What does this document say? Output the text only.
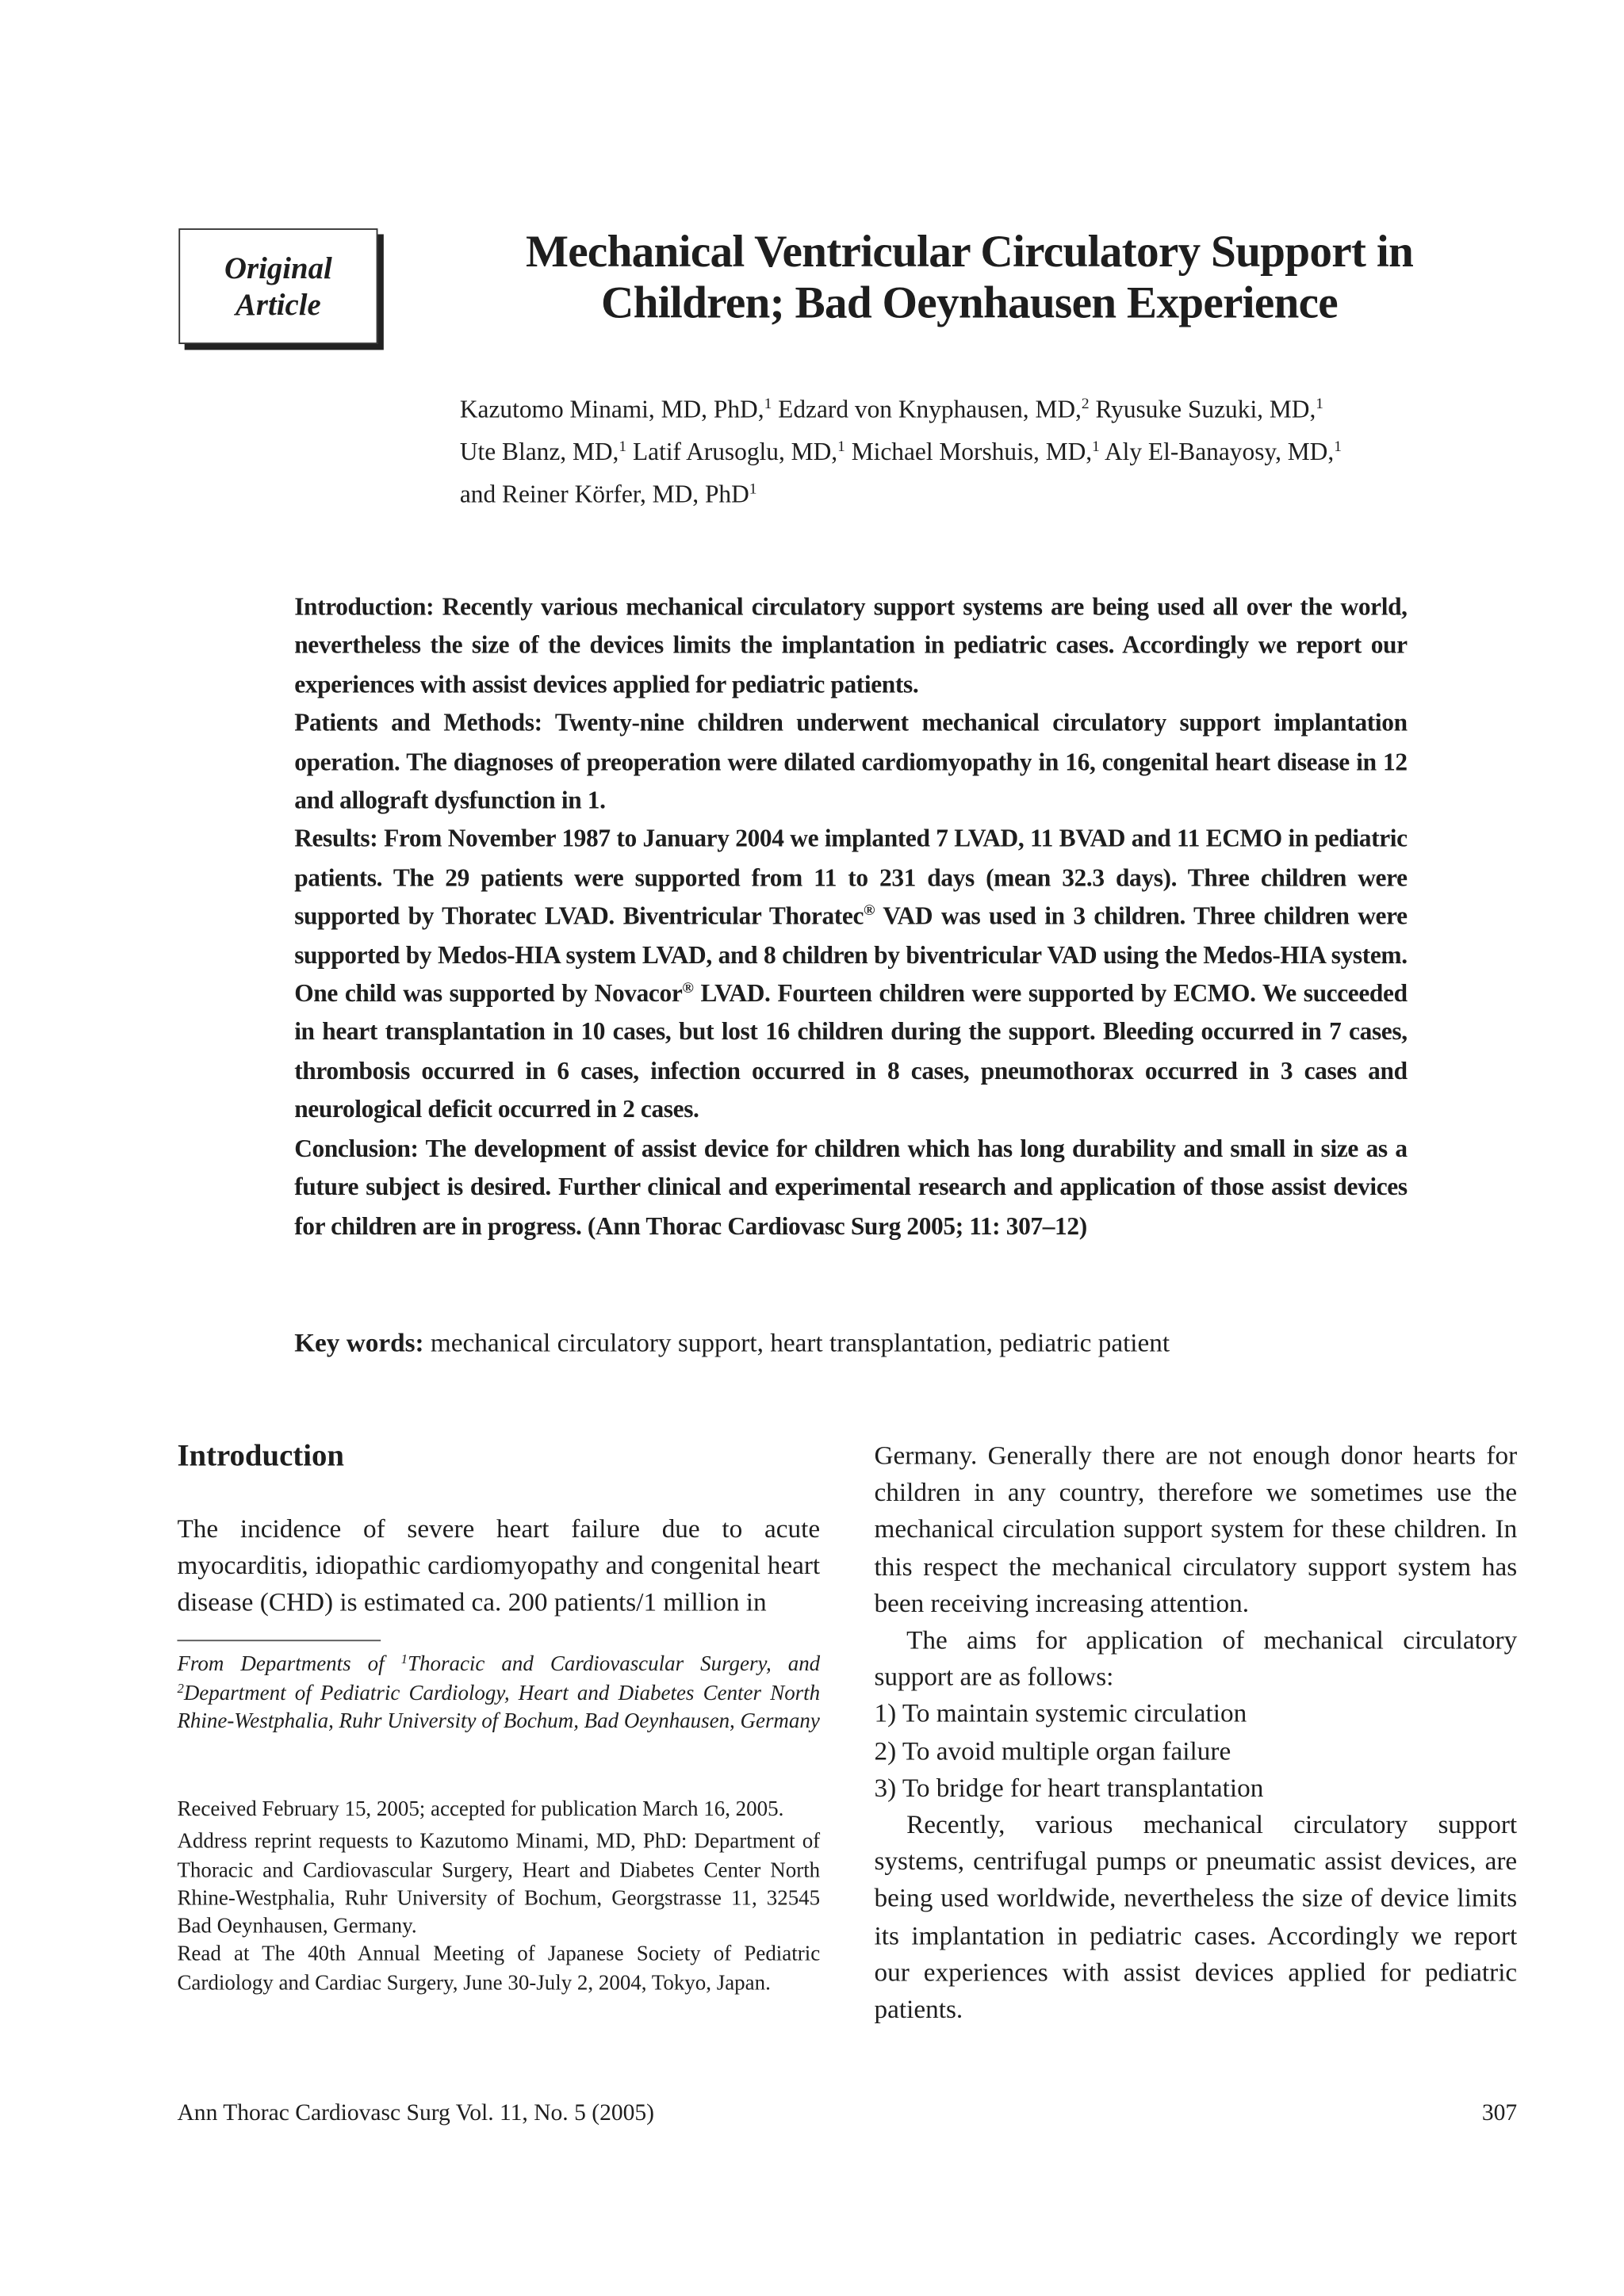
Original
Article
Mechanical Ventricular Circulatory Support in
Children; Bad Oeynhausen Experience
Kazutomo Minami, MD, PhD,$^1$ Edzard von Knyphausen, MD,$^2$ Ryusuke Suzuki, MD,$^1$
Ute Blanz, MD,$^1$ Latif Arusoglu, MD,$^1$ Michael Morshuis, MD,$^1$ Aly El-Banayosy, MD,$^1$
and Reiner Körfer, MD, PhD$^1$

Introduction: Recently various mechanical circulatory support systems are being used all over the world, nevertheless the size of the devices limits the implantation in pediatric cases. Accordingly we report our experiences with assist devices applied for pediatric patients.

Patients and Methods: Twenty-nine children underwent mechanical circulatory support implantation operation. The diagnoses of preoperation were dilated cardiomyopathy in 16, congenital heart disease in 12 and allograft dysfunction in 1.

Results: From November 1987 to January 2004 we implanted 7 LVAD, 11 BVAD and 11 ECMO in pediatric patients. The 29 patients were supported from 11 to 231 days (mean 32.3 days). Three children were supported by Thoratec LVAD. Biventricular Thoratec® VAD was used in 3 children. Three children were supported by Medos-HIA system LVAD, and 8 children by biventricular VAD using the Medos-HIA system. One child was supported by Novacor® LVAD. Fourteen children were supported by ECMO. We succeeded in heart transplantation in 10 cases, but lost 16 children during the support. Bleeding occurred in 7 cases, thrombosis occurred in 6 cases, infection occurred in 8 cases, pneumothorax occurred in 3 cases and neurological deficit occurred in 2 cases.

Conclusion: The development of assist device for children which has long durability and small in size as a future subject is desired. Further clinical and experimental research and application of those assist devices for children are in progress. (Ann Thorac Cardiovasc Surg 2005; 11: 307–12)

Key words: mechanical circulatory support, heart transplantation, pediatric patient
Introduction

The incidence of severe heart failure due to acute myocarditis, idiopathic cardiomyopathy and congenital heart disease (CHD) is estimated ca. 200 patients/1 million in

From Departments of $^1$Thoracic and Cardiovascular Surgery, and $^2$Department of Pediatric Cardiology, Heart and Diabetes Center North Rhine-Westphalia, Ruhr University of Bochum, Bad Oeynhausen, Germany

Received February 15, 2005; accepted for publication March 16, 2005.

Address reprint requests to Kazutomo Minami, MD, PhD: Department of Thoracic and Cardiovascular Surgery, Heart and Diabetes Center North Rhine-Westphalia, Ruhr University of Bochum, Georgstrasse 11, 32545 Bad Oeynhausen, Germany.

Read at The 40th Annual Meeting of Japanese Society of Pediatric Cardiology and Cardiac Surgery, June 30-July 2, 2004, Tokyo, Japan.

Germany. Generally there are not enough donor hearts for children in any country, therefore we sometimes use the mechanical circulation support system for these children. In this respect the mechanical circulatory support system has been receiving increasing attention.

The aims for application of mechanical circulatory support are as follows:

1) To maintain systemic circulation

2) To avoid multiple organ failure

3) To bridge for heart transplantation

Recently, various mechanical circulatory support systems, centrifugal pumps or pneumatic assist devices, are being used worldwide, nevertheless the size of device limits its implantation in pediatric cases. Accordingly we report our experiences with assist devices applied for pediatric patients.

Ann Thorac Cardiovasc Surg Vol. 11, No. 5 (2005)	307
